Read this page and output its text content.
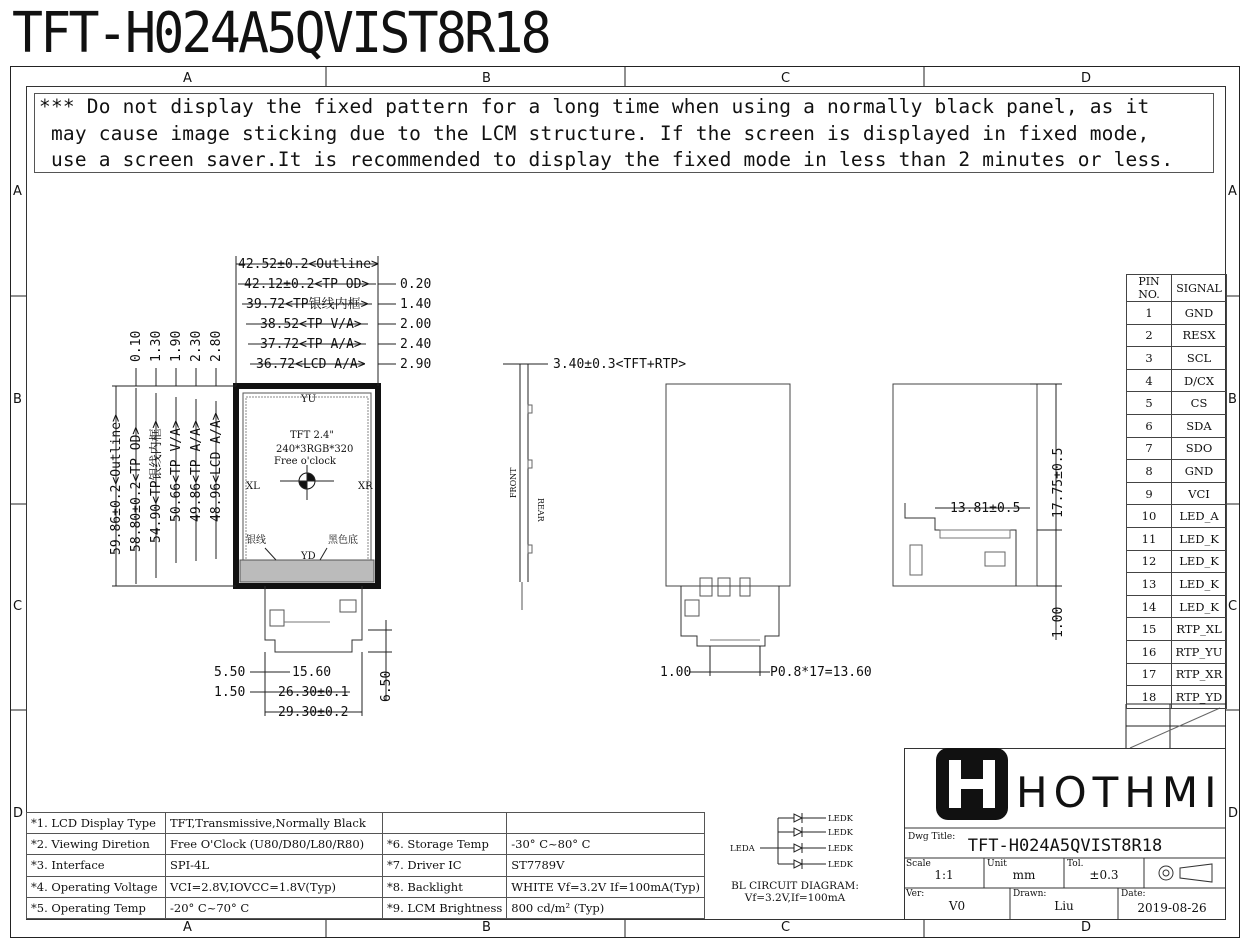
TFT-H024A5QVIST8R18
A	B	C	D
A	B	C	D
A
B
C
D
A
B
C
D
*** Do not display the fixed pattern for a long time when using a normally black panel, as it
may cause image sticking due to the LCM structure. If the screen is displayed in fixed mode,
use a screen saver.It is recommended to display the fixed mode in less than 2 minutes or less.
42.52±0.2<Outline>
42.12±0.2<TP OD>
39.72<TP银线内框>
38.52<TP V/A>
37.72<TP A/A>
36.72<LCD A/A>
0.20
1.40
2.00
2.40
2.90
59.86±0.2<Outline> 58.80±0.2<TP OD> 54.90<TP银线内框> 50.66<TP V/A> 49.86<TP A/A> 48.96<LCD A/A>
0.10 1.30 1.90 2.30 2.80
5.50	15.60
1.50	26.30±0.1
29.30±0.2
6.50
3.40±0.3<TFT+RTP>
1.00	P0.8*17=13.60
13.81±0.5 17.75±0.5
1.00
YU
YD
XL	XR
TFT 2.4"
240*3RGB*320
Free o'clock
银线	黑色底
FRONT
REAR
LEDA
LEDK
LEDK
LEDK
LEDK
PIN NO.	SIGNAL
1	GND
2	RESX
3	SCL
4	D/CX
5	CS
6	SDA
7	SDO
8	GND
9	VCI
10	LED_A
11	LED_K
12	LED_K
13	LED_K
14	LED_K
15	RTP_XL
16	RTP_YU
17	RTP_XR
18	RTP_YD
*1. LCD Display Type	TFT,Transmissive,Normally Black		
*2. Viewing Diretion	Free O'Clock (U80/D80/L80/R80)	*6. Storage Temp	-30° C~80° C
*3. Interface	SPI-4L	*7. Driver IC	ST7789V
*4. Operating Voltage	VCI=2.8V,IOVCC=1.8V(Typ)	*8. Backlight	WHITE Vf=3.2V If=100mA(Typ)
*5. Operating Temp	-20° C~70° C	*9. LCM Brightness	800 cd/m² (Typ)
BL CIRCUIT DIAGRAM:
Vf=3.2V,If=100mA
HOTHMI
Dwg Title: TFT-H024A5QVIST8R18
Scale
1:1
Unit
mm
Tol.
±0.3
Ver:
V0
Drawn:
Liu
Date:
2019-08-26
